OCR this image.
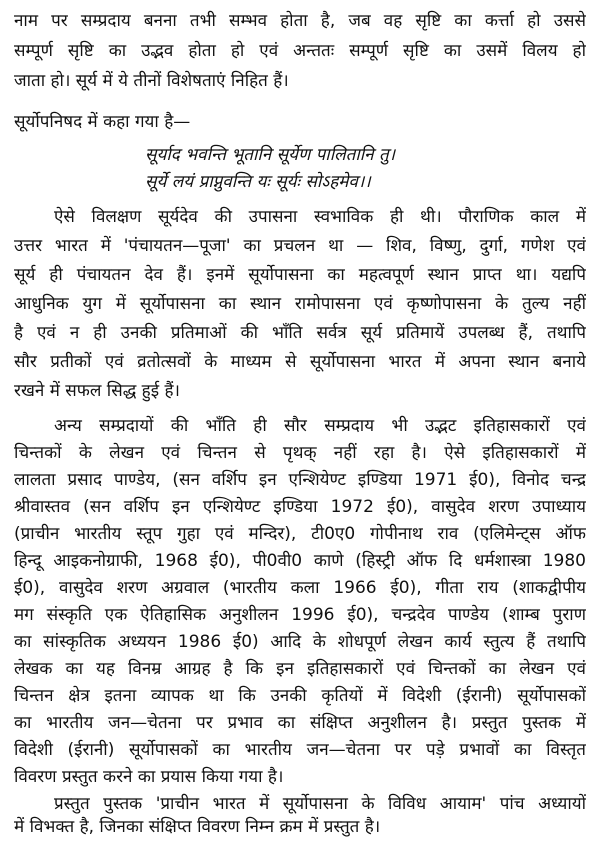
नाम पर सम्प्रदाय बनना तभी सम्भव होता है, जब वह सृष्टि का कर्त्ता हो उससे
सम्पूर्ण सृष्टि का उद्भव होता हो एवं अन्ततः सम्पूर्ण सृष्टि का उसमें विलय हो
जाता हो। सूर्य में ये तीनों विशेषताएं निहित हैं।
सूर्योपनिषद में कहा गया है—
सूर्याद भवन्ति भूतानि सूर्येण पालितानि तु।
सूर्ये लयं प्राप्नुवन्ति यः सूर्यः सोऽहमेव।।
ऐसे विलक्षण सूर्यदेव की उपासना स्वभाविक ही थी। पौराणिक काल में
उत्तर भारत में 'पंचायतन—पूजा' का प्रचलन था — शिव, विष्णु, दुर्गा, गणेश एवं
सूर्य ही पंचायतन देव हैं। इनमें सूर्योपासना का महत्वपूर्ण स्थान प्राप्त था। यद्यपि
आधुनिक युग में सूर्योपासना का स्थान रामोपासना एवं कृष्णोपासना के तुल्य नहीं
है एवं न ही उनकी प्रतिमाओं की भाँति सर्वत्र सूर्य प्रतिमायें उपलब्ध हैं, तथापि
सौर प्रतीकों एवं व्रतोत्सवों के माध्यम से सूर्योपासना भारत में अपना स्थान बनाये
रखने में सफल सिद्ध हुई हैं।
अन्य सम्प्रदायों की भाँति ही सौर सम्प्रदाय भी उद्भट इतिहासकारों एवं
चिन्तकों के लेखन एवं चिन्तन से पृथक् नहीं रहा है। ऐसे इतिहासकारों में
लालता प्रसाद पाण्डेय, (सन वर्शिप इन एन्शियेण्ट इण्डिया 1971 ई0), विनोद चन्द्र
श्रीवास्तव (सन वर्शिप इन एन्शियेण्ट इण्डिया 1972 ई0), वासुदेव शरण उपाध्याय
(प्राचीन भारतीय स्तूप गुहा एवं मन्दिर), टी0ए0 गोपीनाथ राव (एलिमेन्ट्स ऑफ
हिन्दू आइकनोग्राफी, 1968 ई0), पी0वी0 काणे (हिस्ट्री ऑफ दि धर्मशास्त्रा 1980
ई0), वासुदेव शरण अग्रवाल (भारतीय कला 1966 ई0), गीता राय (शाकद्वीपीय
मग संस्कृति एक ऐतिहासिक अनुशीलन 1996 ई0), चन्द्रदेव पाण्डेय (शाम्ब पुराण
का सांस्कृतिक अध्ययन 1986 ई0) आदि के शोधपूर्ण लेखन कार्य स्तुत्य हैं तथापि
लेखक का यह विनम्र आग्रह है कि इन इतिहासकारों एवं चिन्तकों का लेखन एवं
चिन्तन क्षेत्र इतना व्यापक था कि उनकी कृतियों में विदेशी (ईरानी) सूर्योपासकों
का भारतीय जन—चेतना पर प्रभाव का संक्षिप्त अनुशीलन है। प्रस्तुत पुस्तक में
विदेशी (ईरानी) सूर्योपासकों का भारतीय जन—चेतना पर पड़े प्रभावों का विस्तृत
विवरण प्रस्तुत करने का प्रयास किया गया है।
प्रस्तुत पुस्तक 'प्राचीन भारत में सूर्योपासना के विविध आयाम' पांच अध्यायों
में विभक्त है, जिनका संक्षिप्त विवरण निम्न क्रम में प्रस्तुत है।
